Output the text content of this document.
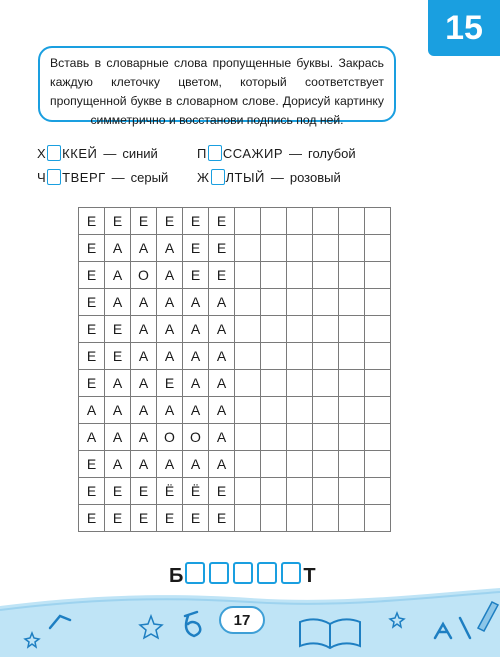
15
Вставь в словарные слова пропущенные буквы. Закрась каждую клеточку цветом, который соответствует пропущенной букве в словарном слове. Дорисуй картинку симметрично и восстанови подпись под ней.
Х ККЕЙ — синий	П ССАЖИР — голубой
Ч ТВЕРГ — серый Ж ЛТЫЙ — розовый
Е	Е	Е	Е	Е	Е						
Е	А	А	А	Е	Е						
Е	А	О	А	Е	Е						
Е	А	А	А	А	А						
Е	Е	А	А	А	А						
Е	Е	А	А	А	А						
Е	А	А	Е	А	А						
А	А	А	А	А	А						
А	А	А	О	О	А						
Е	А	А	А	А	А						
Е	Е	Е	Ё	Ё	Е						
Е	Е	Е	Е	Е	Е						
Б	Т
17
